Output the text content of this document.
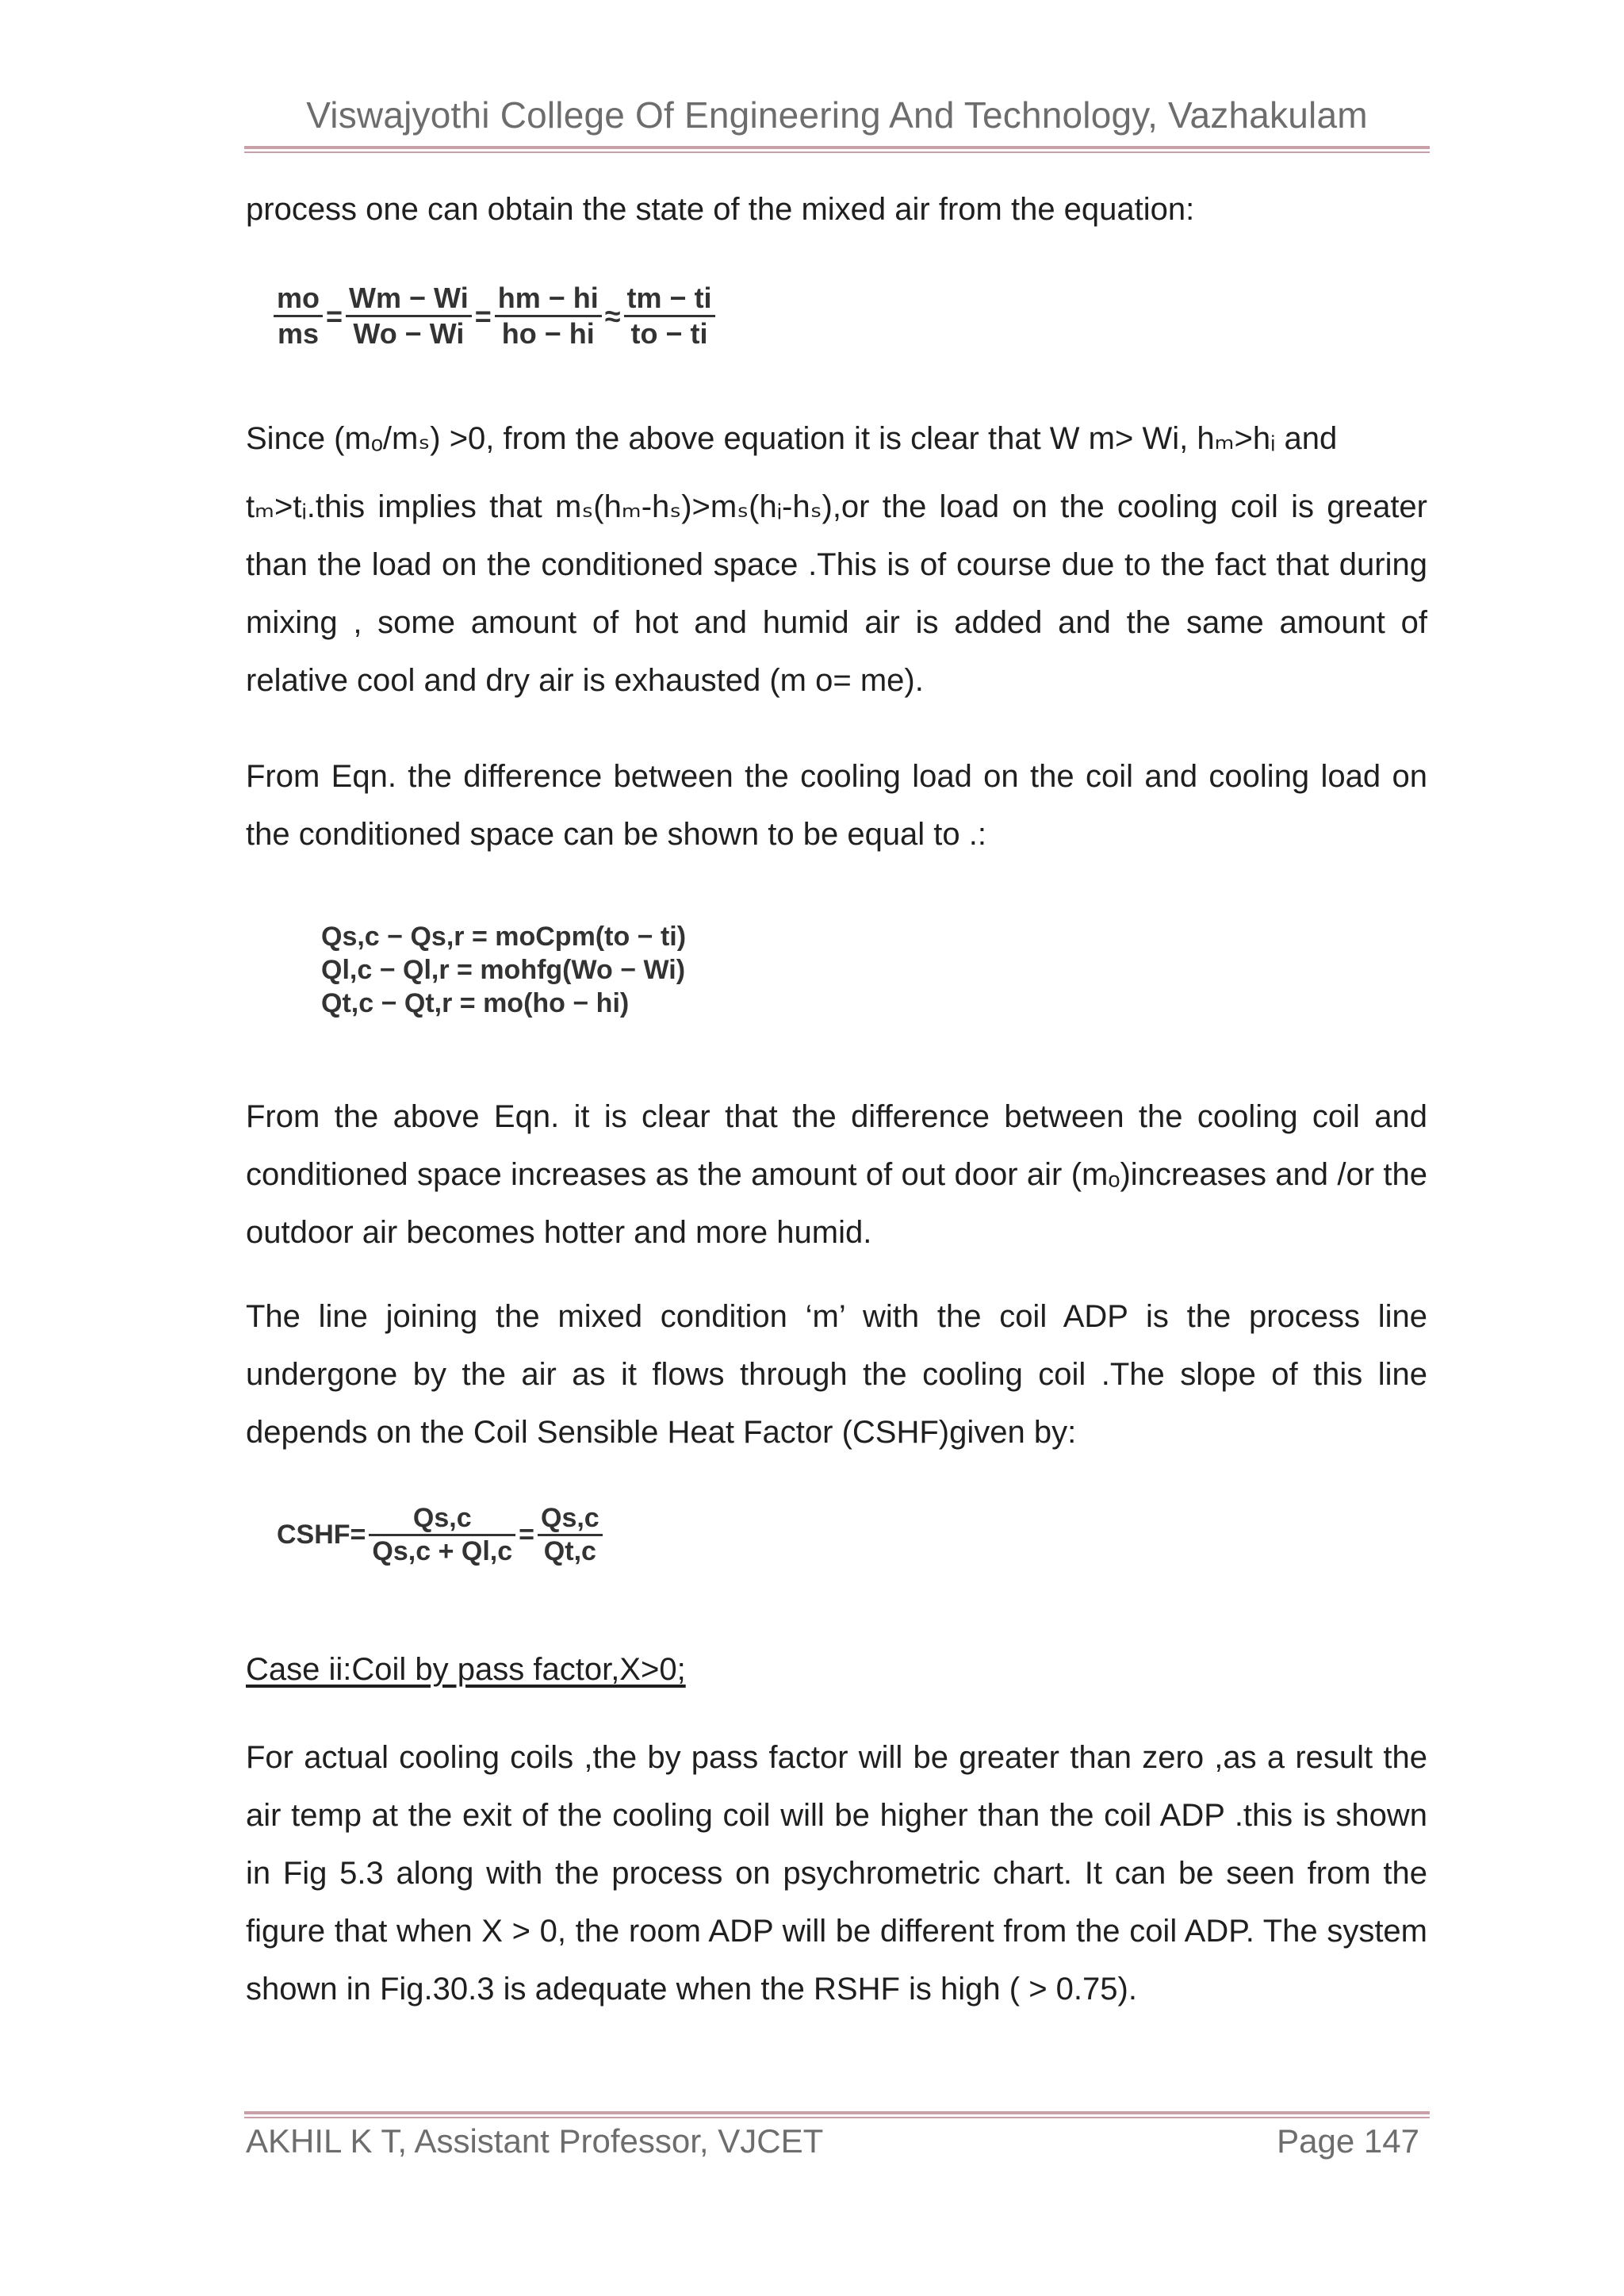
Viswajyothi College Of Engineering And Technology, Vazhakulam
process one can obtain the state of the mixed air from the equation:
$\frac{mo}{ms} = \frac{Wm - Wi}{Wo - Wi} = \frac{hm - hi}{ho - hi} \approx \frac{tm - ti}{to - ti}$
Since (mₒ/mₛ) >0, from the above equation it is clear that W m> Wi, hₘ>hᵢ and
tₘ>tᵢ.this implies that mₛ(hₘ-hₛ)>mₛ(hᵢ-hₛ),or the load on the cooling coil is greater than the load on the conditioned space .This is of course due to the fact that during mixing , some amount of hot and humid air is added and the same amount of relative cool and dry air is exhausted (m o= me).
From Eqn. the difference between the cooling load on the coil and cooling load on the conditioned space can be shown to be equal to .:
Qs,c − Qs,r = moCpm(to − ti)
Ql,c − Ql,r = mohfg(Wo − Wi)
Qt,c − Qt,r = mo(ho − hi)
From the above Eqn. it is clear that the difference between the cooling coil and conditioned space increases as the amount of out door air (mₒ)increases and /or the outdoor air becomes hotter and more humid.
The line joining the mixed condition ‘m’ with the coil ADP is the process line undergone by the air as it flows through the cooling coil .The slope of this line depends on the Coil Sensible Heat Factor (CSHF)given by:
CSHF= $\frac{Qs,c}{Qs,c + Ql,c} = \frac{Qs,c}{Qt,c}$
Case ii:Coil by pass factor,X>0;
For actual cooling coils ,the by pass factor will be greater than zero ,as a result the air temp at the exit of the cooling coil will be higher than the coil ADP .this is shown in Fig 5.3 along with the process on psychrometric chart. It can be seen from the figure that when X > 0, the room ADP will be different from the coil ADP. The system shown in Fig.30.3 is adequate when the RSHF is high ( > 0.75).
AKHIL K T, Assistant Professor, VJCET	Page 147
